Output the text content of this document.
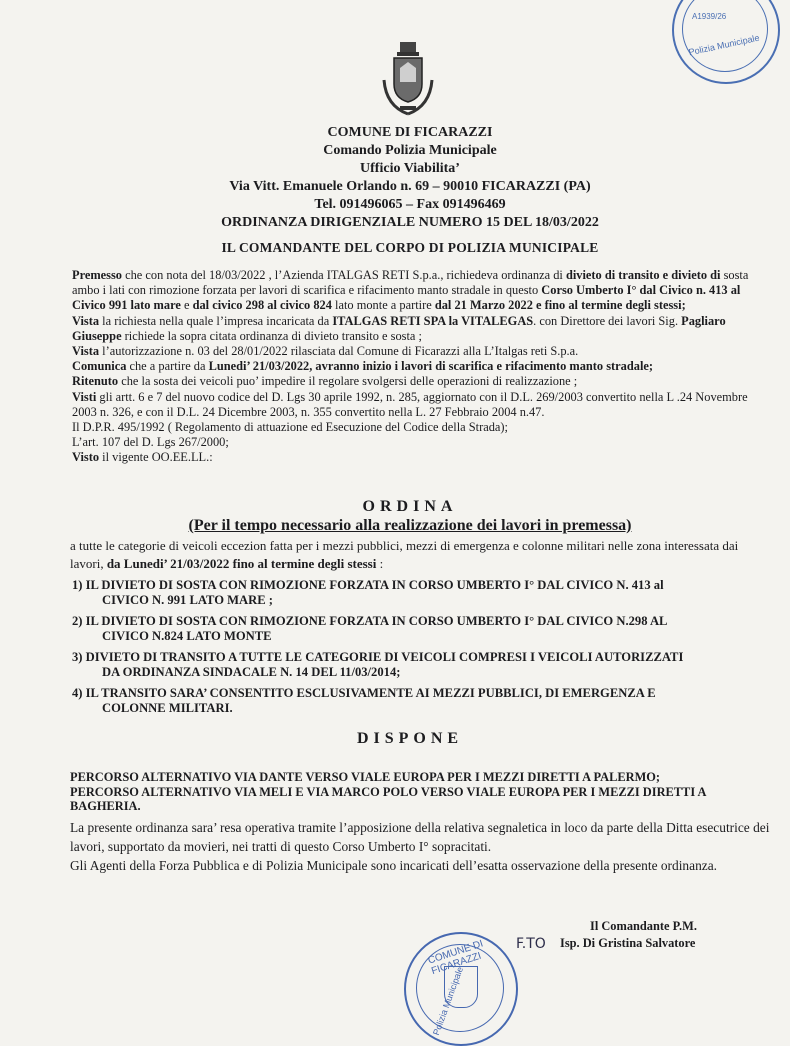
A1939/26
Polizia Municipale
COMUNE DI FICARAZZI
Comando Polizia Municipale
Ufficio Viabilita’
Via Vitt. Emanuele Orlando n. 69 – 90010 FICARAZZI (PA)
Tel. 091496065 – Fax 091496469
ORDINANZA DIRIGENZIALE NUMERO 15 DEL 18/03/2022
IL COMANDANTE DEL CORPO DI POLIZIA MUNICIPALE
Premesso che con nota del 18/03/2022 , l’Azienda ITALGAS RETI S.p.a., richiedeva ordinanza di divieto di transito e divieto di sosta ambo i lati con rimozione forzata per lavori di scarifica e rifacimento manto stradale in questo Corso Umberto I° dal Civico n. 413 al Civico 991 lato mare e dal civico 298 al civico 824 lato monte a partire dal 21 Marzo 2022 e fino al termine degli stessi;
Vista la richiesta nella quale l’impresa incaricata da ITALGAS RETI SPA la VITALEGAS. con Direttore dei lavori Sig. Pagliaro Giuseppe richiede la sopra citata ordinanza di divieto transito e sosta ;
Vista l’autorizzazione n. 03 del 28/01/2022 rilasciata dal Comune di Ficarazzi alla L’Italgas reti S.p.a.
Comunica che a partire da Lunedi’ 21/03/2022, avranno inizio i lavori di scarifica e rifacimento manto stradale;
Ritenuto che la sosta dei veicoli puo’ impedire il regolare svolgersi delle operazioni di realizzazione ;
Visti gli artt. 6 e 7 del nuovo codice del D. Lgs 30 aprile 1992, n. 285, aggiornato con il D.L. 269/2003 convertito nella L .24 Novembre 2003 n. 326, e con il D.L. 24 Dicembre 2003, n. 355 convertito nella L. 27 Febbraio 2004 n.47.
Il D.P.R. 495/1992 ( Regolamento di attuazione ed Esecuzione del Codice della Strada);
L’art. 107 del D. Lgs 267/2000;
Visto il vigente OO.EE.LL.:
ORDINA
(Per il tempo necessario alla realizzazione dei lavori in premessa)
a tutte le categorie di veicoli eccezion fatta per i mezzi pubblici, mezzi di emergenza e colonne militari nelle zona interessata dai lavori, da Lunedi’ 21/03/2022 fino al termine degli stessi :
1) IL DIVIETO DI SOSTA CON RIMOZIONE FORZATA IN CORSO UMBERTO I° DAL CIVICO N. 413 al
CIVICO N. 991 LATO MARE ;
2) IL DIVIETO DI SOSTA CON RIMOZIONE FORZATA IN CORSO UMBERTO I° DAL CIVICO N.298 AL
CIVICO N.824 LATO MONTE
3) DIVIETO DI TRANSITO A TUTTE LE CATEGORIE DI VEICOLI COMPRESI I VEICOLI AUTORIZZATI
DA ORDINANZA SINDACALE N. 14 DEL 11/03/2014;
4) IL TRANSITO SARA’ CONSENTITO ESCLUSIVAMENTE AI MEZZI PUBBLICI, DI EMERGENZA E
COLONNE MILITARI.
DISPONE
PERCORSO ALTERNATIVO VIA DANTE VERSO VIALE EUROPA PER I MEZZI DIRETTI A PALERMO;
PERCORSO ALTERNATIVO VIA MELI E VIA MARCO POLO VERSO VIALE EUROPA PER I MEZZI DIRETTI A BAGHERIA.
La presente ordinanza sara’ resa operativa tramite l’apposizione della relativa segnaletica in loco da parte della Ditta esecutrice dei lavori, supportato da movieri, nei tratti di questo Corso Umberto I° sopracitati.
Gli Agenti della Forza Pubblica e di Polizia Municipale sono incaricati dell’esatta osservazione della presente ordinanza.
F.TO
Il Comandante P.M.
Isp. Di Gristina Salvatore
COMUNE DI FICARAZZI
Polizia Municipale
